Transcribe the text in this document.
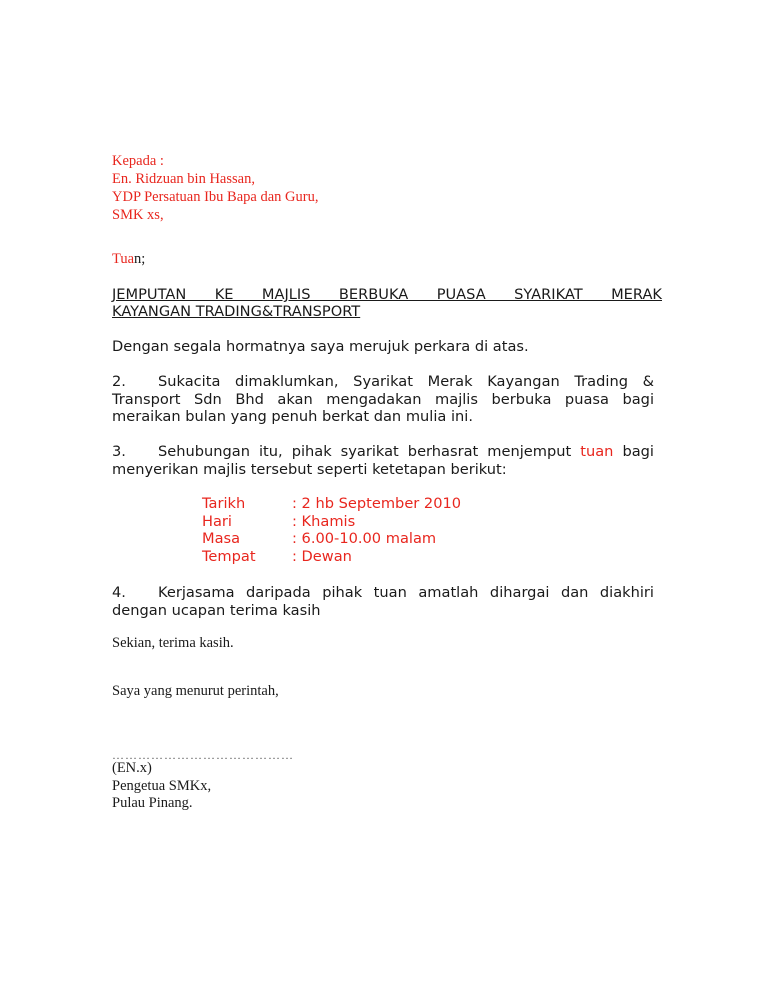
Kepada :
En. Ridzuan bin Hassan,
YDP Persatuan Ibu Bapa dan Guru,
SMK xs,
Tuan;
JEMPUTAN KE MAJLIS BERBUKA PUASA SYARIKAT MERAK
KAYANGAN TRADING&TRANSPORT
Dengan segala hormatnya saya merujuk perkara di atas.
2. Sukacita dimaklumkan, Syarikat Merak Kayangan Trading & Transport Sdn Bhd akan mengadakan majlis berbuka puasa bagi meraikan bulan yang penuh berkat dan mulia ini.
3. Sehubungan itu, pihak syarikat berhasrat menjemput tuan bagi menyerikan majlis tersebut seperti ketetapan berikut:
Tarikh	: 2 hb September 2010
Hari	: Khamis
Masa	: 6.00-10.00 malam
Tempat	: Dewan
4. Kerjasama daripada pihak tuan amatlah dihargai dan diakhiri dengan ucapan terima kasih
Sekian, terima kasih.
Saya yang menurut perintah,
……………………………………
(EN.x)
Pengetua SMKx,
Pulau Pinang.
